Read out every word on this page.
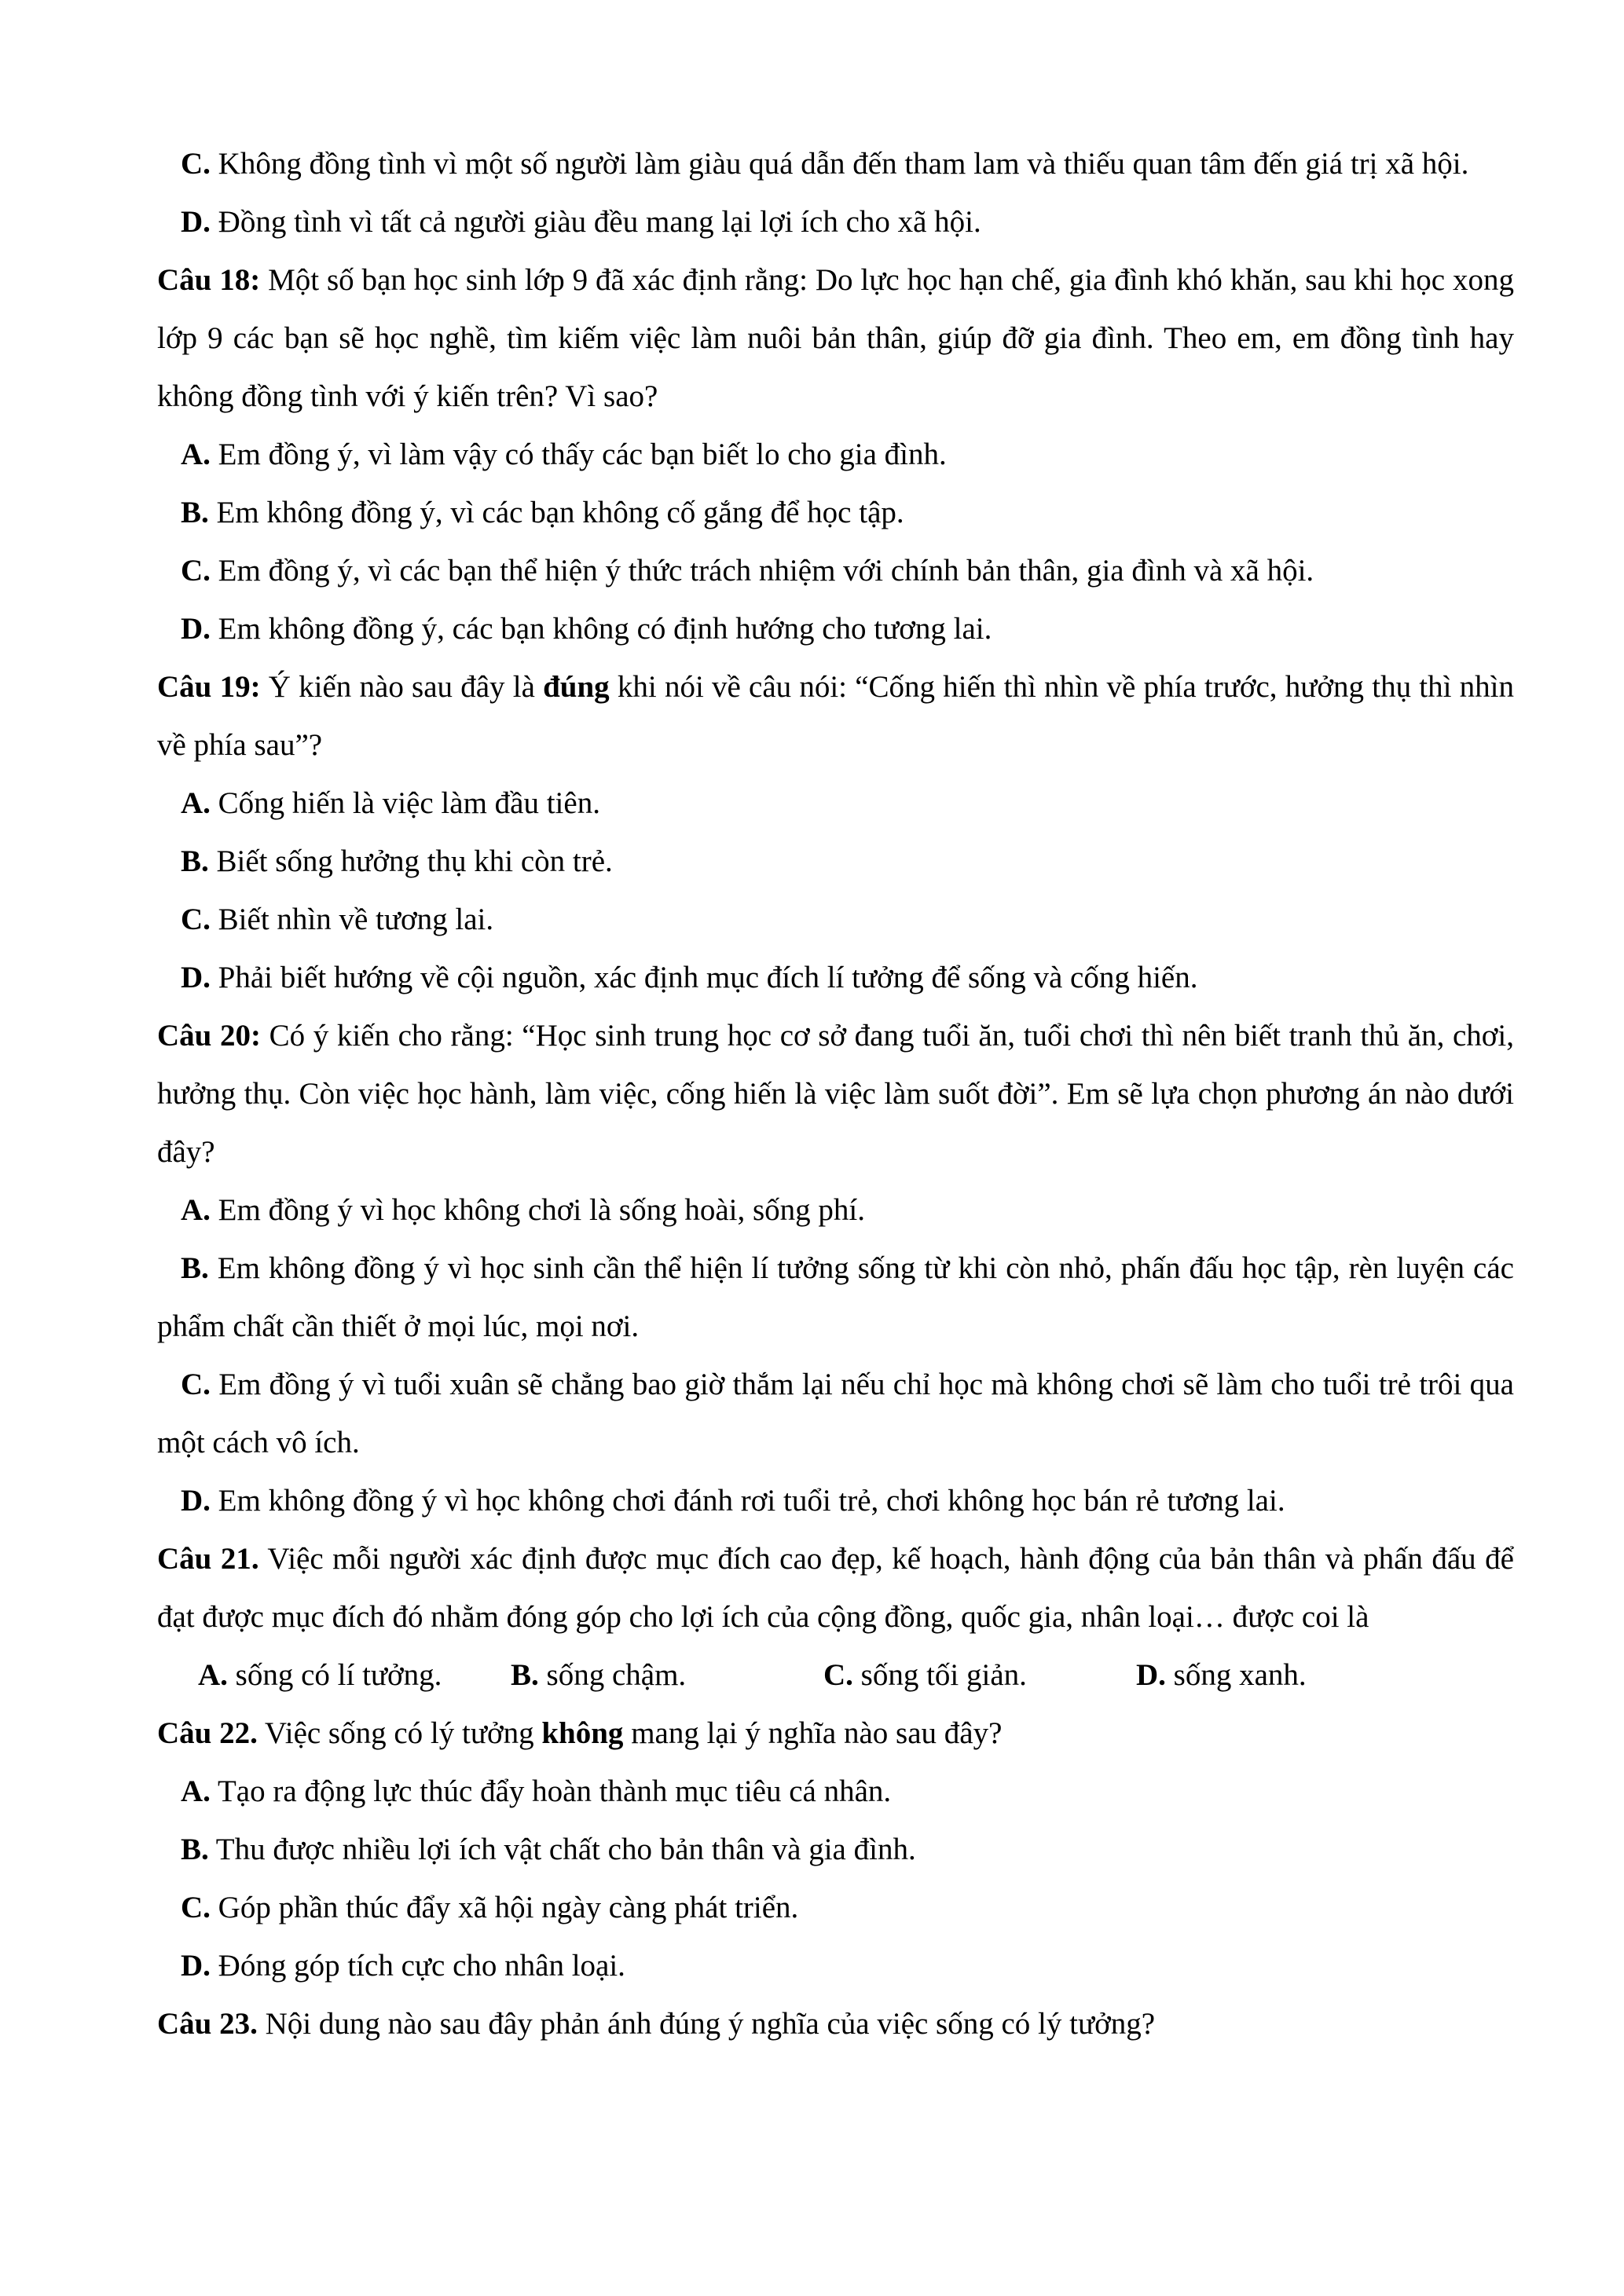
C. Không đồng tình vì một số người làm giàu quá dẫn đến tham lam và thiếu quan tâm đến giá trị xã hội.

D. Đồng tình vì tất cả người giàu đều mang lại lợi ích cho xã hội.

Câu 18: Một số bạn học sinh lớp 9 đã xác định rằng: Do lực học hạn chế, gia đình khó khăn, sau khi học xong lớp 9 các bạn sẽ học nghề, tìm kiếm việc làm nuôi bản thân, giúp đỡ gia đình. Theo em, em đồng tình hay không đồng tình với ý kiến trên? Vì sao?

A. Em đồng ý, vì làm vậy có thấy các bạn biết lo cho gia đình.

B. Em không đồng ý, vì các bạn không cố gắng để học tập.

C. Em đồng ý, vì các bạn thể hiện ý thức trách nhiệm với chính bản thân, gia đình và xã hội.

D. Em không đồng ý, các bạn không có định hướng cho tương lai.

Câu 19: Ý kiến nào sau đây là đúng khi nói về câu nói: “Cống hiến thì nhìn về phía trước, hưởng thụ thì nhìn về phía sau”?

A. Cống hiến là việc làm đầu tiên.

B. Biết sống hưởng thụ khi còn trẻ.

C. Biết nhìn về tương lai.

D. Phải biết hướng về cội nguồn, xác định mục đích lí tưởng để sống và cống hiến.

Câu 20: Có ý kiến cho rằng: “Học sinh trung học cơ sở đang tuổi ăn, tuổi chơi thì nên biết tranh thủ ăn, chơi, hưởng thụ. Còn việc học hành, làm việc, cống hiến là việc làm suốt đời”. Em sẽ lựa chọn phương án nào dưới đây?

A. Em đồng ý vì học không chơi là sống hoài, sống phí.

B. Em không đồng ý vì học sinh cần thể hiện lí tưởng sống từ khi còn nhỏ, phấn đấu học tập, rèn luyện các phẩm chất cần thiết ở mọi lúc, mọi nơi.

C. Em đồng ý vì tuổi xuân sẽ chẳng bao giờ thắm lại nếu chỉ học mà không chơi sẽ làm cho tuổi trẻ trôi qua một cách vô ích.

D. Em không đồng ý vì học không chơi đánh rơi tuổi trẻ, chơi không học bán rẻ tương lai.

Câu 21. Việc mỗi người xác định được mục đích cao đẹp, kế hoạch, hành động của bản thân và phấn đấu để đạt được mục đích đó nhằm đóng góp cho lợi ích của cộng đồng, quốc gia, nhân loại… được coi là

A. sống có lí tưởng.	B. sống chậm.	C. sống tối giản.	D. sống xanh.

Câu 22. Việc sống có lý tưởng không mang lại ý nghĩa nào sau đây?

A. Tạo ra động lực thúc đẩy hoàn thành mục tiêu cá nhân.

B. Thu được nhiều lợi ích vật chất cho bản thân và gia đình.

C. Góp phần thúc đẩy xã hội ngày càng phát triển.

D. Đóng góp tích cực cho nhân loại.

Câu 23. Nội dung nào sau đây phản ánh đúng ý nghĩa của việc sống có lý tưởng?
